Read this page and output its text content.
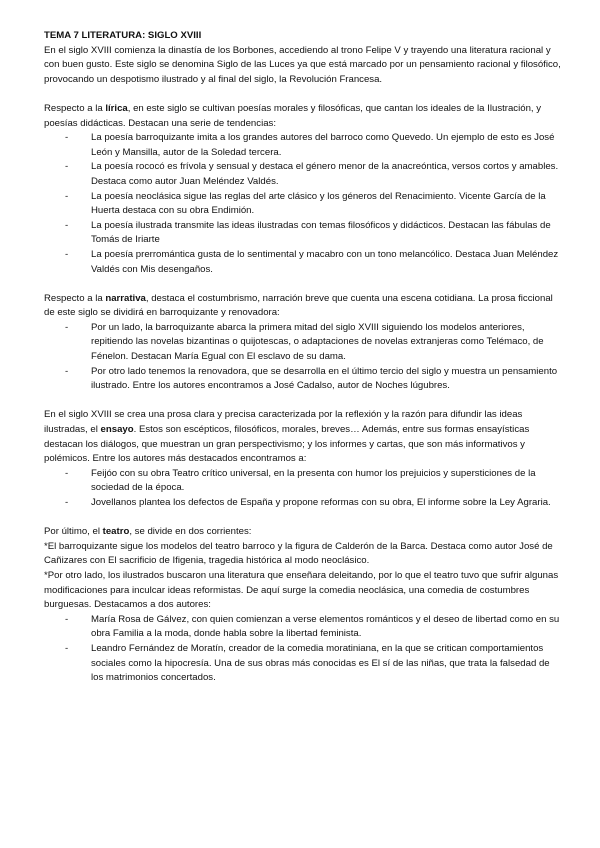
TEMA 7 LITERATURA: SIGLO XVIII

En el siglo XVIII comienza la dinastía de los Borbones, accediendo al trono Felipe V y trayendo una literatura racional y con buen gusto. Este siglo se denomina Siglo de las Luces ya que está marcado por un pensamiento racional y filosófico, provocando un despotismo ilustrado y al final del siglo, la Revolución Francesa.

Respecto a la lírica, en este siglo se cultivan poesías morales y filosóficas, que cantan los ideales de la Ilustración, y poesías didácticas. Destacan una serie de tendencias:

- La poesía barroquizante imita a los grandes autores del barroco como Quevedo. Un ejemplo de esto es José León y Mansilla, autor de la Soledad tercera.
- La poesía rococó es frívola y sensual y destaca el género menor de la anacreóntica, versos cortos y amables. Destaca como autor Juan Meléndez Valdés.
- La poesía neoclásica sigue las reglas del arte clásico y los géneros del Renacimiento. Vicente García de la Huerta destaca con su obra Endimión.
- La poesía ilustrada transmite las ideas ilustradas con temas filosóficos y didácticos. Destacan las fábulas de Tomás de Iriarte
- La poesía prerromántica gusta de lo sentimental y macabro con un tono melancólico. Destaca Juan Meléndez Valdés con Mis desengaños.

Respecto a la narrativa, destaca el costumbrismo, narración breve que cuenta una escena cotidiana. La prosa ficcional de este siglo se dividirá en barroquizante y renovadora:

- Por un lado, la barroquizante abarca la primera mitad del siglo XVIII siguiendo los modelos anteriores, repitiendo las novelas bizantinas o quijotescas, o adaptaciones de novelas extranjeras como Telémaco, de Fénelon. Destacan María Egual con El esclavo de su dama.
- Por otro lado tenemos la renovadora, que se desarrolla en el último tercio del siglo y muestra un pensamiento ilustrado. Entre los autores encontramos a José Cadalso, autor de Noches lúgubres.

En el siglo XVIII se crea una prosa clara y precisa caracterizada por la reflexión y la razón para difundir las ideas ilustradas, el ensayo. Estos son escépticos, filosóficos, morales, breves… Además, entre sus formas ensayísticas destacan los diálogos, que muestran un gran perspectivismo; y los informes y cartas, que son más informativos y polémicos. Entre los autores más destacados encontramos a:

- Feijóo con su obra Teatro crítico universal, en la presenta con humor los prejuicios y supersticiones de la sociedad de la época.
- Jovellanos plantea los defectos de España y propone reformas con su obra, El informe sobre la Ley Agraria.

Por último, el teatro, se divide en dos corrientes:

*El barroquizante sigue los modelos del teatro barroco y la figura de Calderón de la Barca. Destaca como autor José de Cañizares con El sacrificio de Ifigenia, tragedia histórica al modo neoclásico.

*Por otro lado, los ilustrados buscaron una literatura que enseñara deleitando, por lo que el teatro tuvo que sufrir algunas modificaciones para inculcar ideas reformistas. De aquí surge la comedia neoclásica, una comedia de costumbres burguesas. Destacamos a dos autores:

- María Rosa de Gálvez, con quien comienzan a verse elementos románticos y el deseo de libertad como en su obra Familia a la moda, donde habla sobre la libertad feminista.
- Leandro Fernández de Moratín, creador de la comedia moratiniana, en la que se critican comportamientos sociales como la hipocresía. Una de sus obras más conocidas es El sí de las niñas, que trata la falsedad de los matrimonios concertados.
